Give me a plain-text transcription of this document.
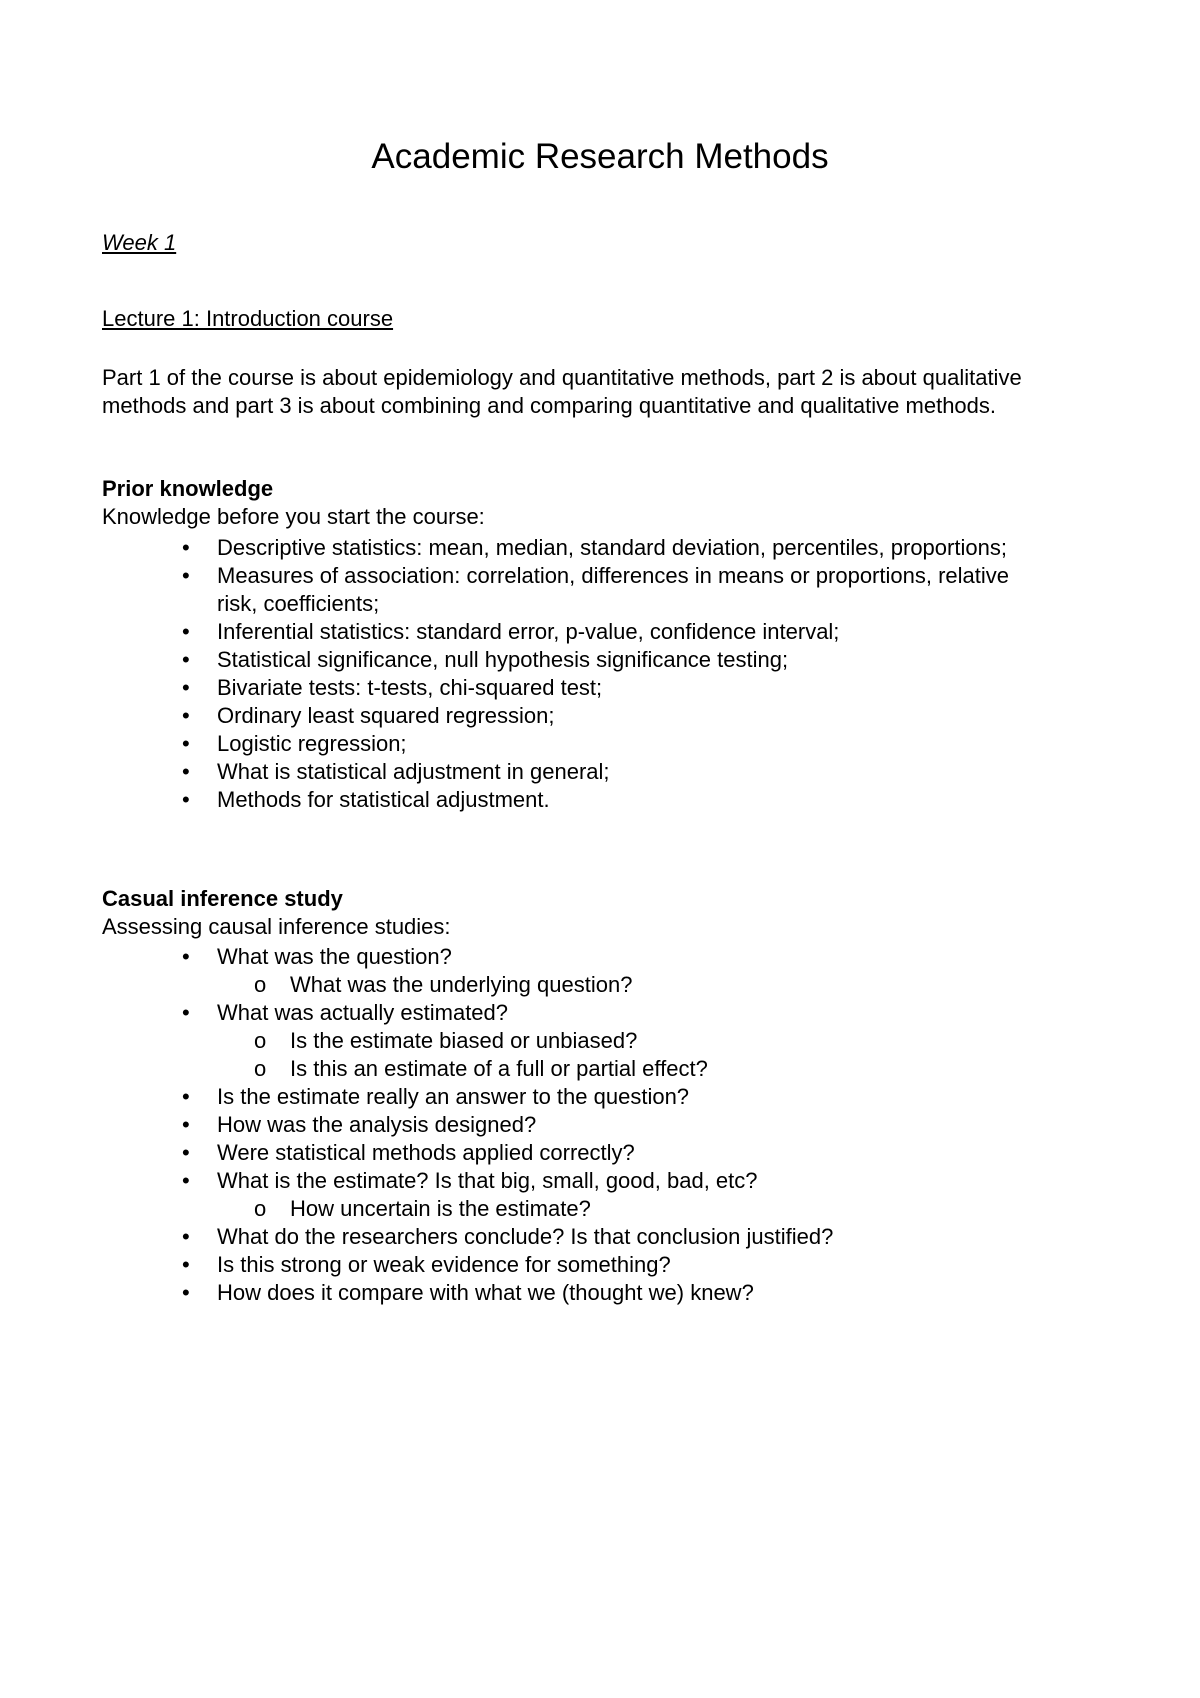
Academic Research Methods
Week 1
Lecture 1: Introduction course

Part 1 of the course is about epidemiology and quantitative methods, part 2 is about qualitative methods and part 3 is about combining and comparing quantitative and qualitative methods.

Prior knowledge

Knowledge before you start the course:

• Descriptive statistics: mean, median, standard deviation, percentiles, proportions;
• Measures of association: correlation, differences in means or proportions, relative risk, coefficients;
• Inferential statistics: standard error, p-value, confidence interval;
• Statistical significance, null hypothesis significance testing;
• Bivariate tests: t-tests, chi-squared test;
• Ordinary least squared regression;
• Logistic regression;
• What is statistical adjustment in general;
• Methods for statistical adjustment.
Casual inference study

Assessing causal inference studies:

• What was the question?
o What was the underlying question?
• What was actually estimated?
o Is the estimate biased or unbiased?
o Is this an estimate of a full or partial effect?
• Is the estimate really an answer to the question?
• How was the analysis designed?
• Were statistical methods applied correctly?
• What is the estimate? Is that big, small, good, bad, etc?
o How uncertain is the estimate?
• What do the researchers conclude? Is that conclusion justified?
• Is this strong or weak evidence for something?
• How does it compare with what we (thought we) knew?
